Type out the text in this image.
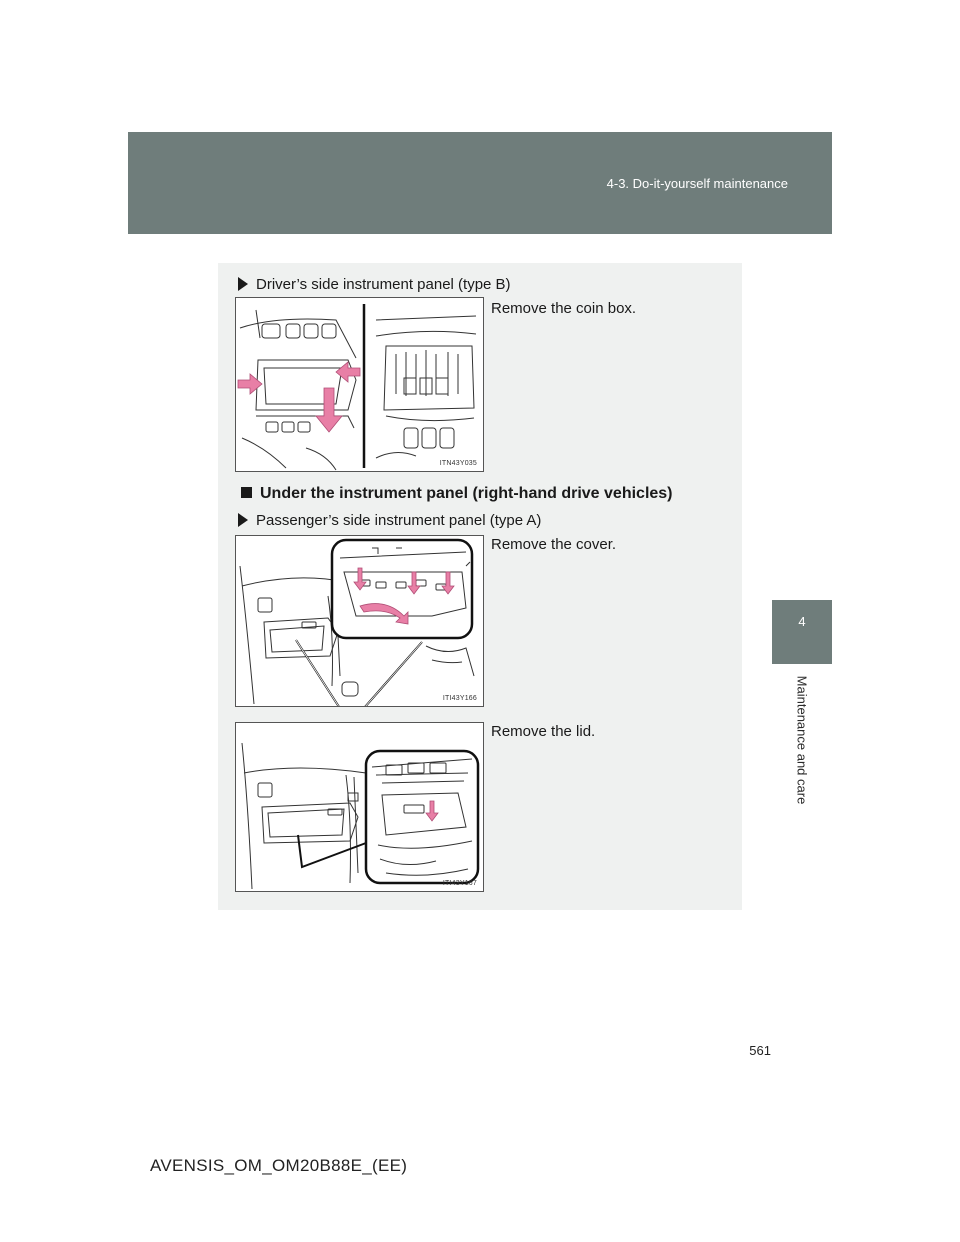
4-3. Do-it-yourself maintenance
4
Maintenance and care
Driver’s side instrument panel (type B)
Remove the coin box.
ITN43Y035
Under the instrument panel (right-hand drive vehicles)
Passenger’s side instrument panel (type A)
Remove the cover.
ITI43Y166
Remove the lid.
ITI43Y167
561
AVENSIS_OM_OM20B88E_(EE)
